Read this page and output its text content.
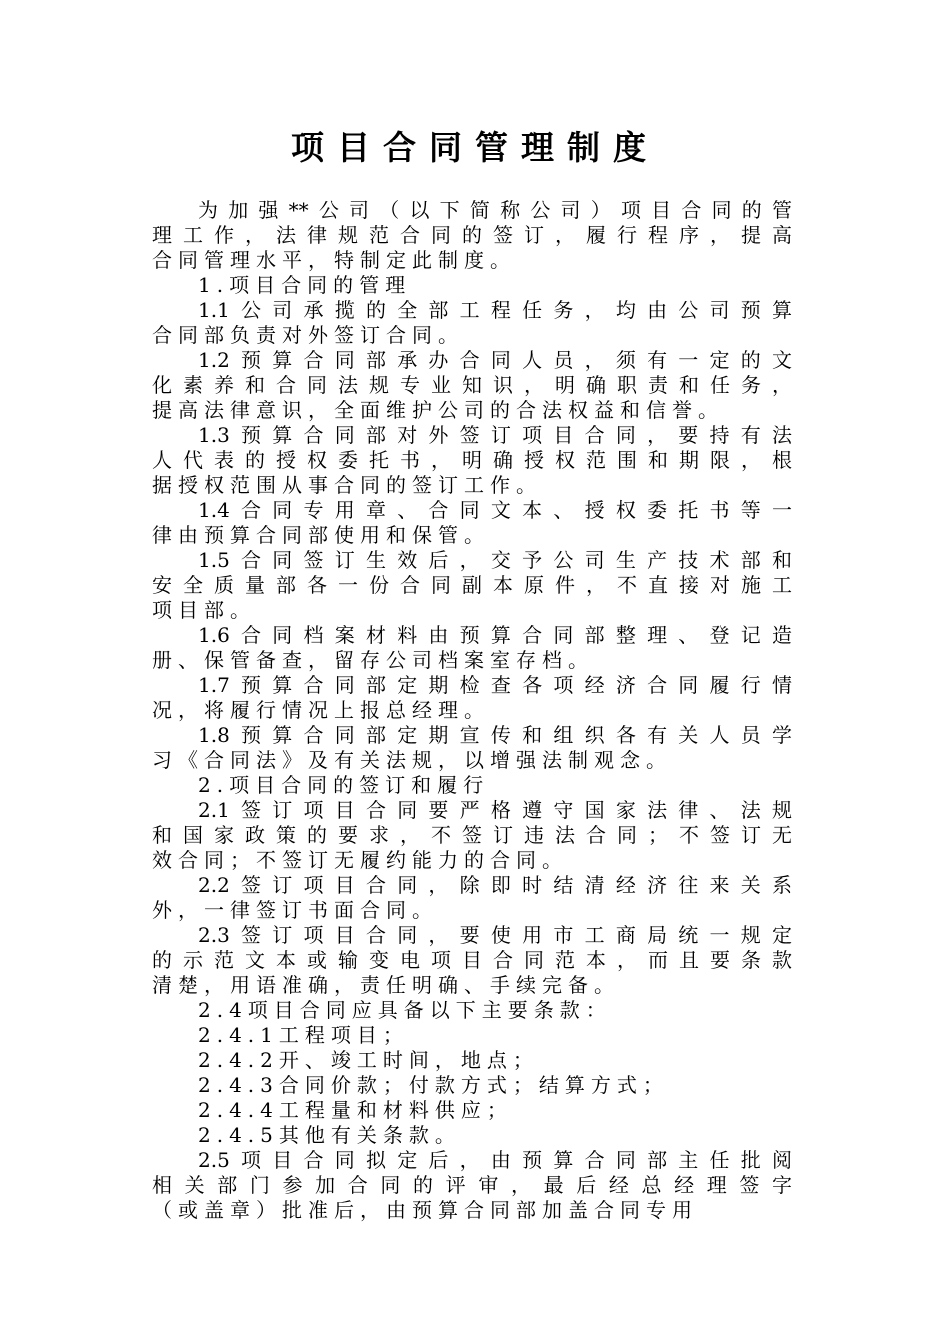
项目合同管理制度
为加强**公司（以下简称公司）项目合同的管
理工作，法律规范合同的签订，履行程序，提高
合同管理水平，特制定此制度。
1.项目合同的管理
1.1公司承揽的全部工程任务，均由公司预算
合同部负责对外签订合同。
1.2预算合同部承办合同人员，须有一定的文
化素养和合同法规专业知识，明确职责和任务，
提高法律意识，全面维护公司的合法权益和信誉。
1.3预算合同部对外签订项目合同，要持有法
人代表的授权委托书，明确授权范围和期限，根
据授权范围从事合同的签订工作。
1.4合同专用章、合同文本、授权委托书等一
律由预算合同部使用和保管。
1.5合同签订生效后，交予公司生产技术部和
安全质量部各一份合同副本原件，不直接对施工
项目部。
1.6合同档案材料由预算合同部整理、登记造
册、保管备查，留存公司档案室存档。
1.7预算合同部定期检查各项经济合同履行情
况，将履行情况上报总经理。
1.8预算合同部定期宣传和组织各有关人员学
习《合同法》及有关法规，以增强法制观念。
2.项目合同的签订和履行
2.1签订项目合同要严格遵守国家法律、法规
和国家政策的要求，不签订违法合同；不签订无
效合同；不签订无履约能力的合同。
2.2签订项目合同，除即时结清经济往来关系
外，一律签订书面合同。
2.3签订项目合同，要使用市工商局统一规定
的示范文本或输变电项目合同范本，而且要条款
清楚，用语准确，责任明确、手续完备。
2.4项目合同应具备以下主要条款：
2.4.1工程项目；
2.4.2开、竣工时间，地点；
2.4.3合同价款；付款方式；结算方式；
2.4.4工程量和材料供应；
2.4.5其他有关条款。
2.5项目合同拟定后，由预算合同部主任批阅
相关部门参加合同的评审，最后经总经理签字
（或盖章）批准后，由预算合同部加盖合同专用
